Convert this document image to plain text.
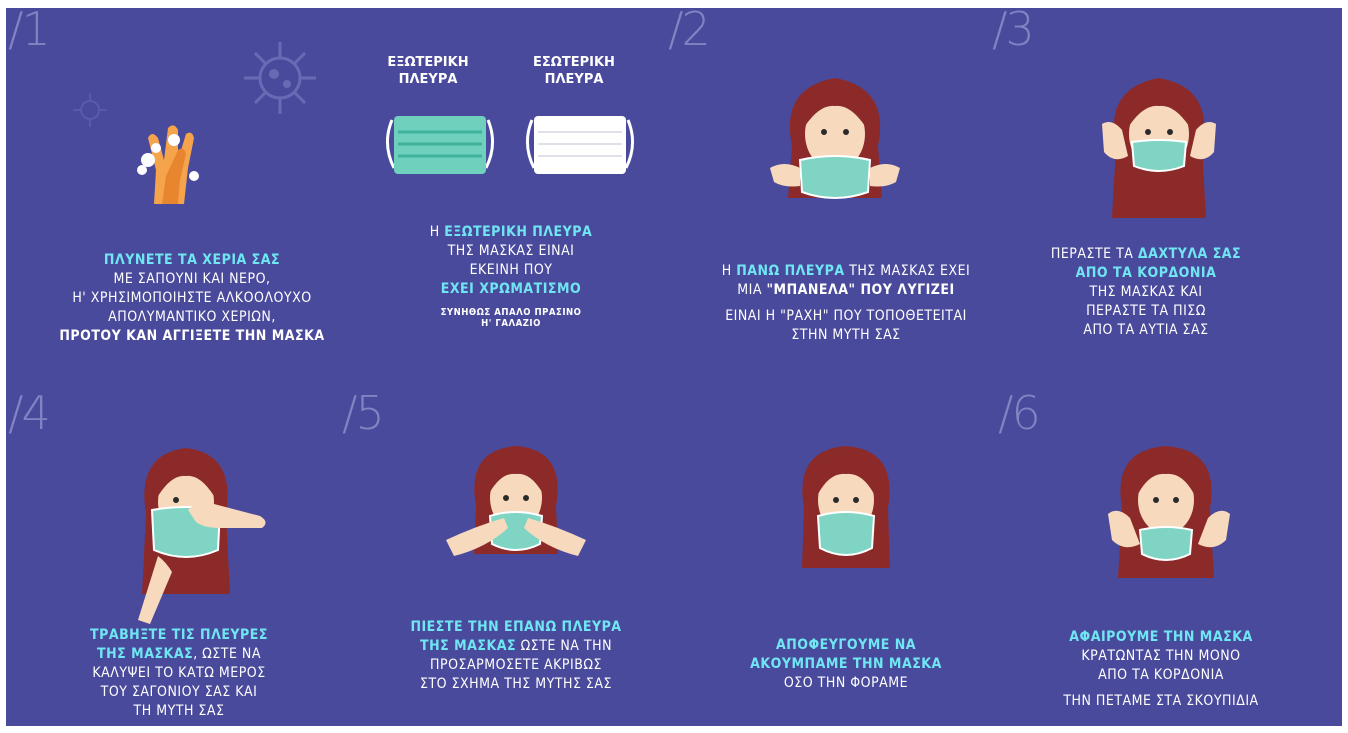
/1	/2	/3
/4	/5	/6
ΕΞΩΤΕΡΙΚΗ
ΠΛΕΥΡΑ
ΕΣΩΤΕΡΙΚΗ
ΠΛΕΥΡΑ
ΠΛΥΝΕΤΕ ΤΑ ΧΕΡΙΑ ΣΑΣ
ΜΕ ΣΑΠΟΥΝΙ ΚΑΙ ΝΕΡΟ,
Η' ΧΡΗΣΙΜΟΠΟΙΗΣΤΕ ΑΛΚΟΟΛΟΥΧΟ
ΑΠΟΛΥΜΑΝΤΙΚΟ ΧΕΡΙΩΝ,
ΠΡΟΤΟΥ ΚΑΝ ΑΓΓΙΞΕΤΕ ΤΗΝ ΜΑΣΚΑ
Η ΕΞΩΤΕΡΙΚΗ ΠΛΕΥΡΑ
ΤΗΣ ΜΑΣΚΑΣ ΕΙΝΑΙ
ΕΚΕΙΝΗ ΠΟΥ
ΕΧΕΙ ΧΡΩΜΑΤΙΣΜΟ
ΣΥΝΗΘΩΣ ΑΠΑΛΟ ΠΡΑΣΙΝΟ
Η' ΓΑΛΑΖΙΟ
Η ΠΑΝΩ ΠΛΕΥΡΑ ΤΗΣ ΜΑΣΚΑΣ ΕΧΕΙ
ΜΙΑ "ΜΠΑΝΕΛΑ" ΠΟΥ ΛΥΓΙΖΕΙ
ΕΙΝΑΙ Η "ΡΑΧΗ" ΠΟΥ ΤΟΠΟΘΕΤΕΙΤΑΙ
ΣΤΗΝ ΜΥΤΗ ΣΑΣ
ΠΕΡΑΣΤΕ ΤΑ ΔΑΧΤΥΛΑ ΣΑΣ
ΑΠΟ ΤΑ ΚΟΡΔΟΝΙΑ
ΤΗΣ ΜΑΣΚΑΣ ΚΑΙ
ΠΕΡΑΣΤΕ ΤΑ ΠΙΣΩ
ΑΠΟ ΤΑ ΑΥΤΙΑ ΣΑΣ
ΤΡΑΒΗΞΤΕ ΤΙΣ ΠΛΕΥΡΕΣ
ΤΗΣ ΜΑΣΚΑΣ, ΩΣΤΕ ΝΑ
ΚΑΛΥΨΕΙ ΤΟ ΚΑΤΩ ΜΕΡΟΣ
ΤΟΥ ΣΑΓΟΝΙΟΥ ΣΑΣ ΚΑΙ
ΤΗ ΜΥΤΗ ΣΑΣ
ΠΙΕΣΤΕ ΤΗΝ ΕΠΑΝΩ ΠΛΕΥΡΑ
ΤΗΣ ΜΑΣΚΑΣ ΩΣΤΕ ΝΑ ΤΗΝ
ΠΡΟΣΑΡΜΟΣΕΤΕ ΑΚΡΙΒΩΣ
ΣΤΟ ΣΧΗΜΑ ΤΗΣ ΜΥΤΗΣ ΣΑΣ
ΑΠΟΦΕΥΓΟΥΜΕ ΝΑ
ΑΚΟΥΜΠΑΜΕ ΤΗΝ ΜΑΣΚΑ
ΟΣΟ ΤΗΝ ΦΟΡΑΜΕ
ΑΦΑΙΡΟΥΜΕ ΤΗΝ ΜΑΣΚΑ
ΚΡΑΤΩΝΤΑΣ ΤΗΝ ΜΟΝΟ
ΑΠΟ ΤΑ ΚΟΡΔΟΝΙΑ
ΤΗΝ ΠΕΤΑΜΕ ΣΤΑ ΣΚΟΥΠΙΔΙΑ
